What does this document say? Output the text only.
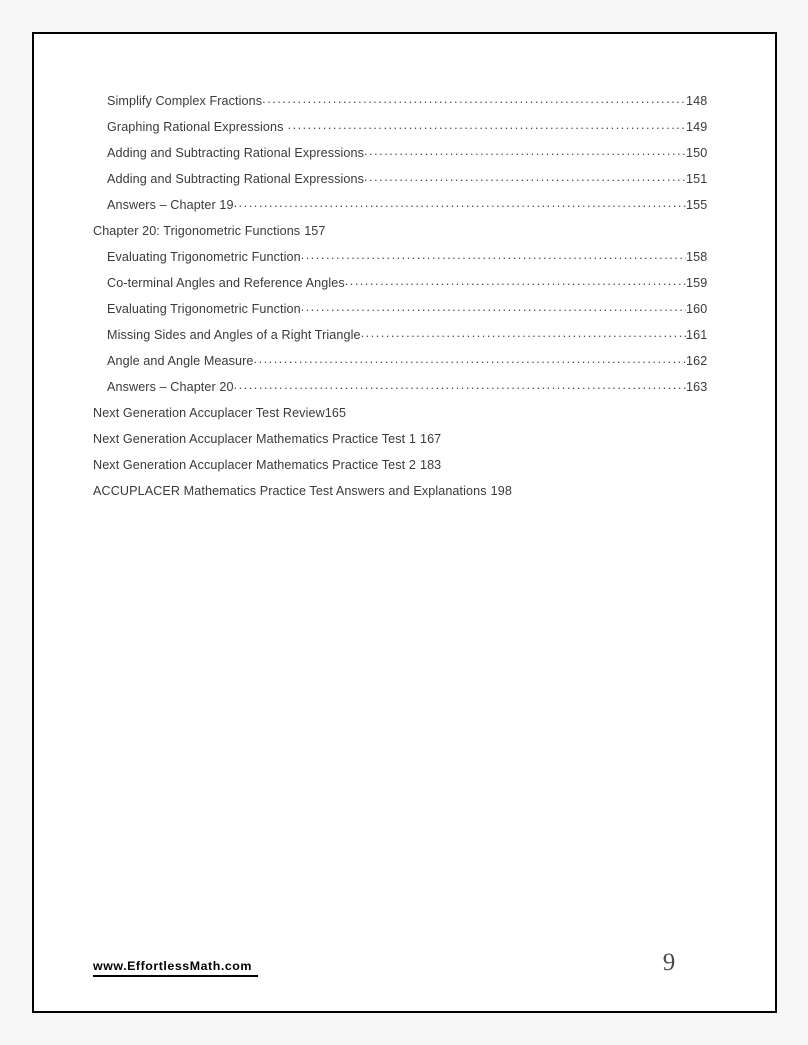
Simplify Complex Fractions .....	148
Graphing Rational Expressions .....	149
Adding and Subtracting Rational Expressions .....	150
Adding and Subtracting Rational Expressions .....	151
Answers – Chapter 19 .....	155
Chapter 20: Trigonometric Functions 157
Evaluating Trigonometric Function .....	158
Co-terminal Angles and Reference Angles .....	159
Evaluating Trigonometric Function .....	160
Missing Sides and Angles of a Right Triangle .....	161
Angle and Angle Measure .....	162
Answers – Chapter 20 .....	163
Next Generation Accuplacer Test Review 165
Next Generation Accuplacer Mathematics Practice Test 1 167
Next Generation Accuplacer Mathematics Practice Test 2 183
ACCUPLACER Mathematics Practice Test Answers and Explanations 198
www.EffortlessMath.com	9
